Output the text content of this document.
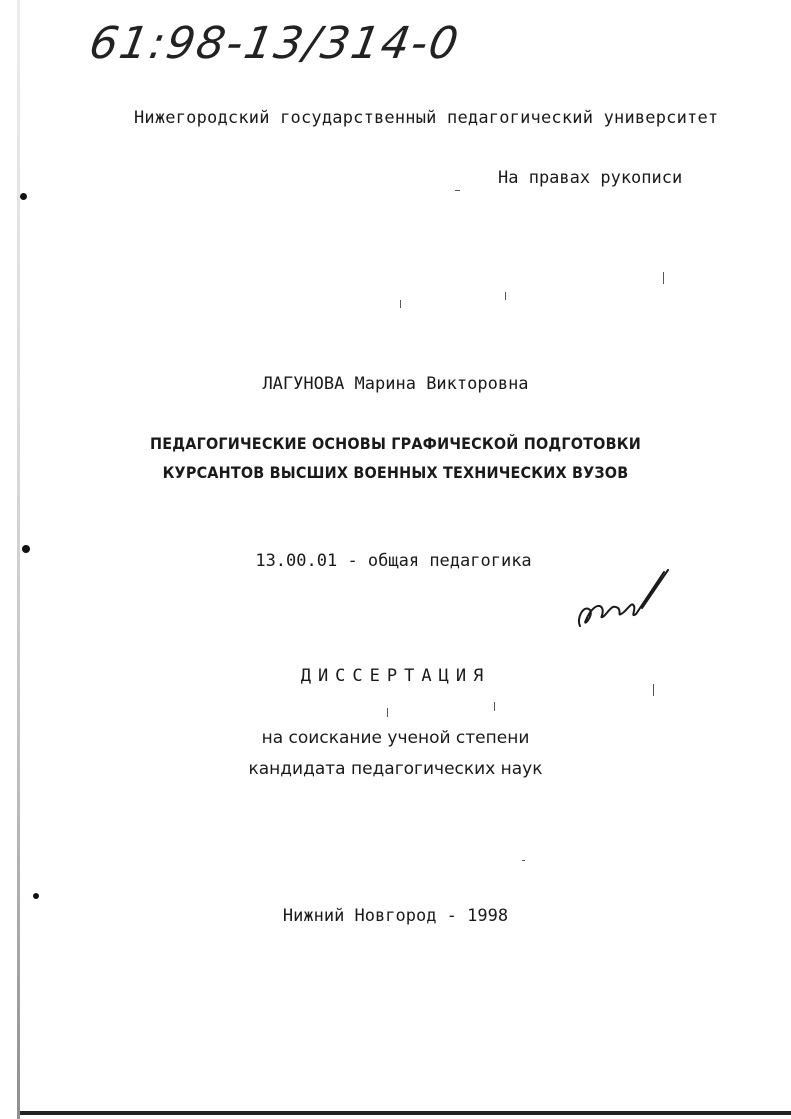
61:98-13/314-0
Нижегородский государственный педагогический университет
На правах рукописи
ЛАГУНОВА Марина Викторовна
ПЕДАГОГИЧЕСКИЕ ОСНОВЫ ГРАФИЧЕСКОЙ ПОДГОТОВКИ
КУРСАНТОВ ВЫСШИХ ВОЕННЫХ ТЕХНИЧЕСКИХ ВУЗОВ
13.00.01 - общая педагогика
ДИССЕРТАЦИЯ
на соискание ученой степени
кандидата педагогических наук
Нижний Новгород - 1998
